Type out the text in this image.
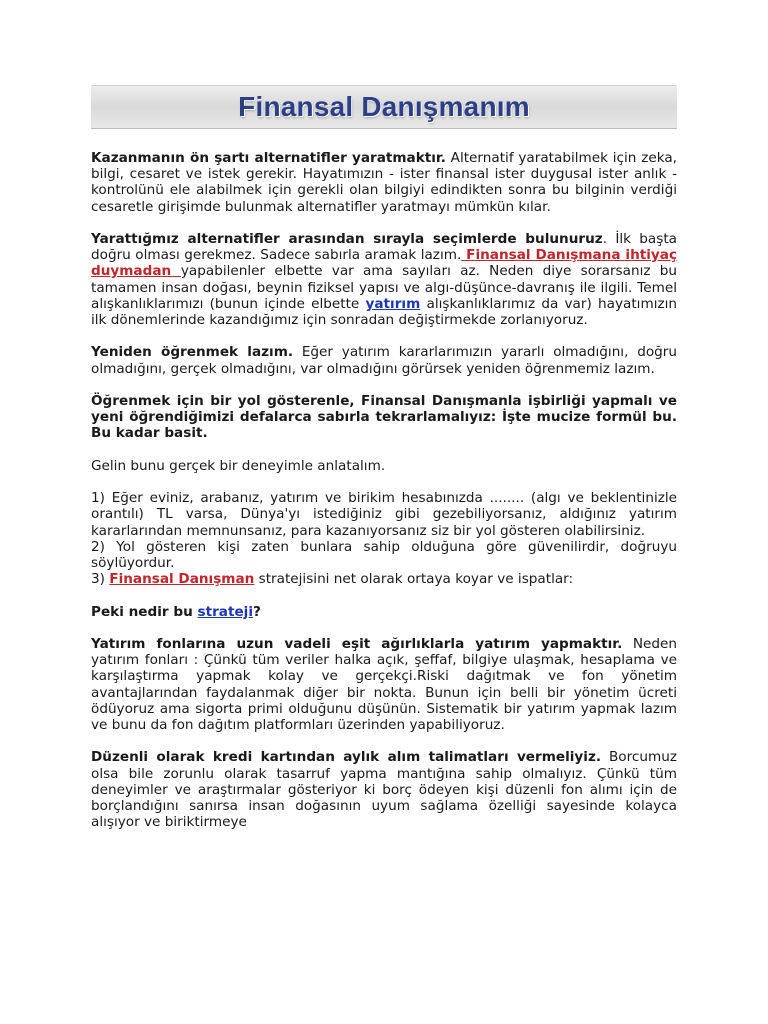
Finansal Danışmanım

Kazanmanın ön şartı alternatifler yaratmaktır. Alternatif yaratabilmek için zeka, bilgi, cesaret ve istek gerekir. Hayatımızın - ister finansal ister duygusal ister anlık - kontrolünü ele alabilmek için gerekli olan bilgiyi edindikten sonra bu bilginin verdiği cesaretle girişimde bulunmak alternatifler yaratmayı mümkün kılar.

Yarattığmız alternatifler arasından sırayla seçimlerde bulunuruz. İlk başta doğru olması gerekmez. Sadece sabırla aramak lazım. Finansal Danışmana ihtiyaç duymadan yapabilenler elbette var ama sayıları az. Neden diye sorarsanız bu tamamen insan doğası, beynin fiziksel yapısı ve algı-düşünce-davranış ile ilgili. Temel alışkanlıklarımızı (bunun içinde elbette yatırım alışkanlıklarımız da var) hayatımızın ilk dönemlerinde kazandığımız için sonradan değiştirmekde zorlanıyoruz.

Yeniden öğrenmek lazım. Eğer yatırım kararlarımızın yararlı olmadığını, doğru olmadığını, gerçek olmadığını, var olmadığını görürsek yeniden öğrenmemiz lazım.

Öğrenmek için bir yol gösterenle, Finansal Danışmanla işbirliği yapmalı ve yeni öğrendiğimizi defalarca sabırla tekrarlamalıyız: İşte mucize formül bu. Bu kadar basit.

Gelin bunu gerçek bir deneyimle anlatalım.

1) Eğer eviniz, arabanız, yatırım ve birikim hesabınızda ........ (algı ve beklentinizle orantılı) TL varsa, Dünya'yı istediğiniz gibi gezebiliyorsanız, aldığınız yatırım kararlarından memnunsanız, para kazanıyorsanız siz bir yol gösteren olabilirsiniz.

2) Yol gösteren kişi zaten bunlara sahip olduğuna göre güvenilirdir, doğruyu söylüyordur.

3) Finansal Danışman stratejisini net olarak ortaya koyar ve ispatlar:

Peki nedir bu strateji?

Yatırım fonlarına uzun vadeli eşit ağırlıklarla yatırım yapmaktır. Neden yatırım fonları : Çünkü tüm veriler halka açık, şeffaf, bilgiye ulaşmak, hesaplama ve karşılaştırma yapmak kolay ve gerçekçi.Riski dağıtmak ve fon yönetim avantajlarından faydalanmak diğer bir nokta. Bunun için belli bir yönetim ücreti ödüyoruz ama sigorta primi olduğunu düşünün. Sistematik bir yatırım yapmak lazım ve bunu da fon dağıtım platformları üzerinden yapabiliyoruz.

Düzenli olarak kredi kartından aylık alım talimatları vermeliyiz. Borcumuz olsa bile zorunlu olarak tasarruf yapma mantığına sahip olmalıyız. Çünkü tüm deneyimler ve araştırmalar gösteriyor ki borç ödeyen kişi düzenli fon alımı için de borçlandığını sanırsa insan doğasının uyum sağlama özelliği sayesinde kolayca alışıyor ve biriktirmeye
